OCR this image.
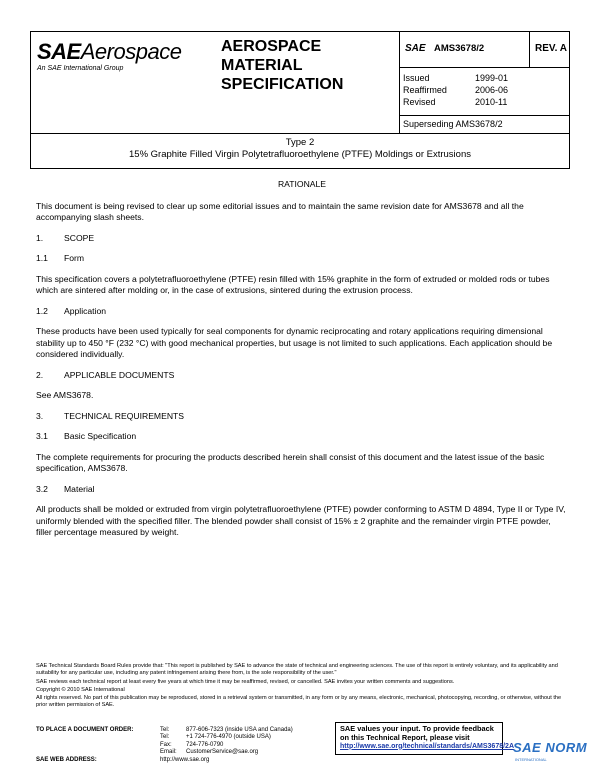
SAEAerospace
An SAE International Group
AEROSPACE
MATERIAL
SPECIFICATION
SAE AMS3678/2	REV. A
Issued	1999-01
Reaffirmed	2006-06
Revised	2010-11
Superseding AMS3678/2
Type 2
15% Graphite Filled Virgin Polytetrafluoroethylene (PTFE) Moldings or Extrusions

RATIONALE

This document is being revised to clear up some editorial issues and to maintain the same revision date for AMS3678 and all the accompanying slash sheets.

1. SCOPE

1.1 Form

This specification covers a polytetrafluoroethylene (PTFE) resin filled with 15% graphite in the form of extruded or molded rods or tubes which are sintered after molding or, in the case of extrusions, sintered during the extrusion process.

1.2 Application

These products have been used typically for seal components for dynamic reciprocating and rotary applications requiring dimensional stability up to 450 °F (232 °C) with good mechanical properties, but usage is not limited to such applications. Each application should be considered individually.

2. APPLICABLE DOCUMENTS

See AMS3678.

3. TECHNICAL REQUIREMENTS

3.1 Basic Specification

The complete requirements for procuring the products described herein shall consist of this document and the latest issue of the basic specification, AMS3678.

3.2 Material

All products shall be molded or extruded from virgin polytetrafluoroethylene (PTFE) powder conforming to ASTM D 4894, Type II or Type IV, uniformly blended with the specified filler. The blended powder shall consist of 15% ± 2 graphite and the remainder virgin PTFE powder, filler percentage measured by weight.

SAE Technical Standards Board Rules provide that: "This report is published by SAE to advance the state of technical and engineering sciences. The use of this report is entirely voluntary, and its applicability and suitability for any particular use, including any patent infringement arising there from, is the sole responsibility of the user."

SAE reviews each technical report at least every five years at which time it may be reaffirmed, revised, or cancelled. SAE invites your written comments and suggestions.

Copyright © 2010 SAE International

All rights reserved. No part of this publication may be reproduced, stored in a retrieval system or transmitted, in any form or by any means, electronic, mechanical, photocopying, recording, or otherwise, without the prior written permission of SAE.

TO PLACE A DOCUMENT ORDER:	Tel:	877-606-7323 (inside USA and Canada)
Tel:	+1 724-776-4970 (outside USA)
Fax: 724-776-0790
Email: CustomerService@sae.org
SAE WEB ADDRESS:	http://www.sae.org
SAE values your input. To provide feedback
on this Technical Report, please visit
http://www.sae.org/technical/standards/AMS3678/2A
SAE NORM
INTERNATIONAL
